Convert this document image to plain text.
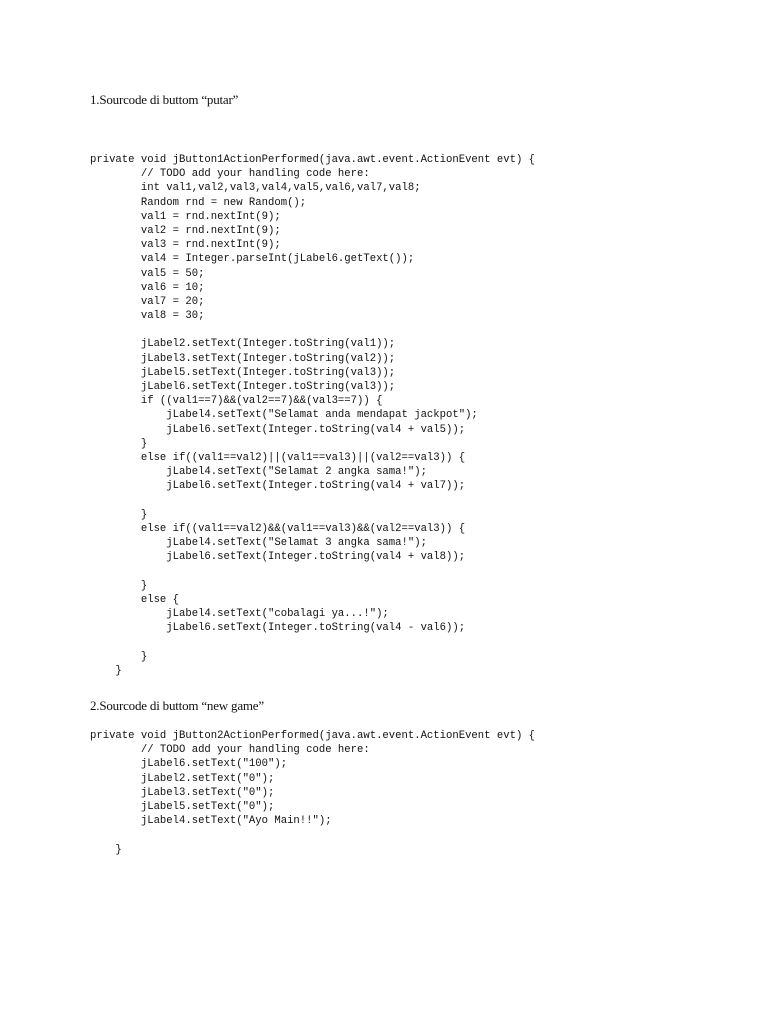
1.Sourcode di buttom “putar”
private void jButton1ActionPerformed(java.awt.event.ActionEvent evt) {
// TODO add your handling code here:
int val1,val2,val3,val4,val5,val6,val7,val8;
Random rnd = new Random();
val1 = rnd.nextInt(9);
val2 = rnd.nextInt(9);
val3 = rnd.nextInt(9);
val4 = Integer.parseInt(jLabel6.getText());
val5 = 50;
val6 = 10;
val7 = 20;
val8 = 30;
jLabel2.setText(Integer.toString(val1));
jLabel3.setText(Integer.toString(val2));
jLabel5.setText(Integer.toString(val3));
jLabel6.setText(Integer.toString(val3));
if ((val1==7)&&(val2==7)&&(val3==7)) {
jLabel4.setText("Selamat anda mendapat jackpot");
jLabel6.setText(Integer.toString(val4 + val5));
}
else if((val1==val2)||(val1==val3)||(val2==val3)) {
jLabel4.setText("Selamat 2 angka sama!");
jLabel6.setText(Integer.toString(val4 + val7));
}
else if((val1==val2)&&(val1==val3)&&(val2==val3)) {
jLabel4.setText("Selamat 3 angka sama!");
jLabel6.setText(Integer.toString(val4 + val8));
}
else {
jLabel4.setText("cobalagi ya...!");
jLabel6.setText(Integer.toString(val4 - val6));
}
}
2.Sourcode di buttom “new game”
private void jButton2ActionPerformed(java.awt.event.ActionEvent evt) {
// TODO add your handling code here:
jLabel6.setText("100");
jLabel2.setText("0");
jLabel3.setText("0");
jLabel5.setText("0");
jLabel4.setText("Ayo Main!!");
}
